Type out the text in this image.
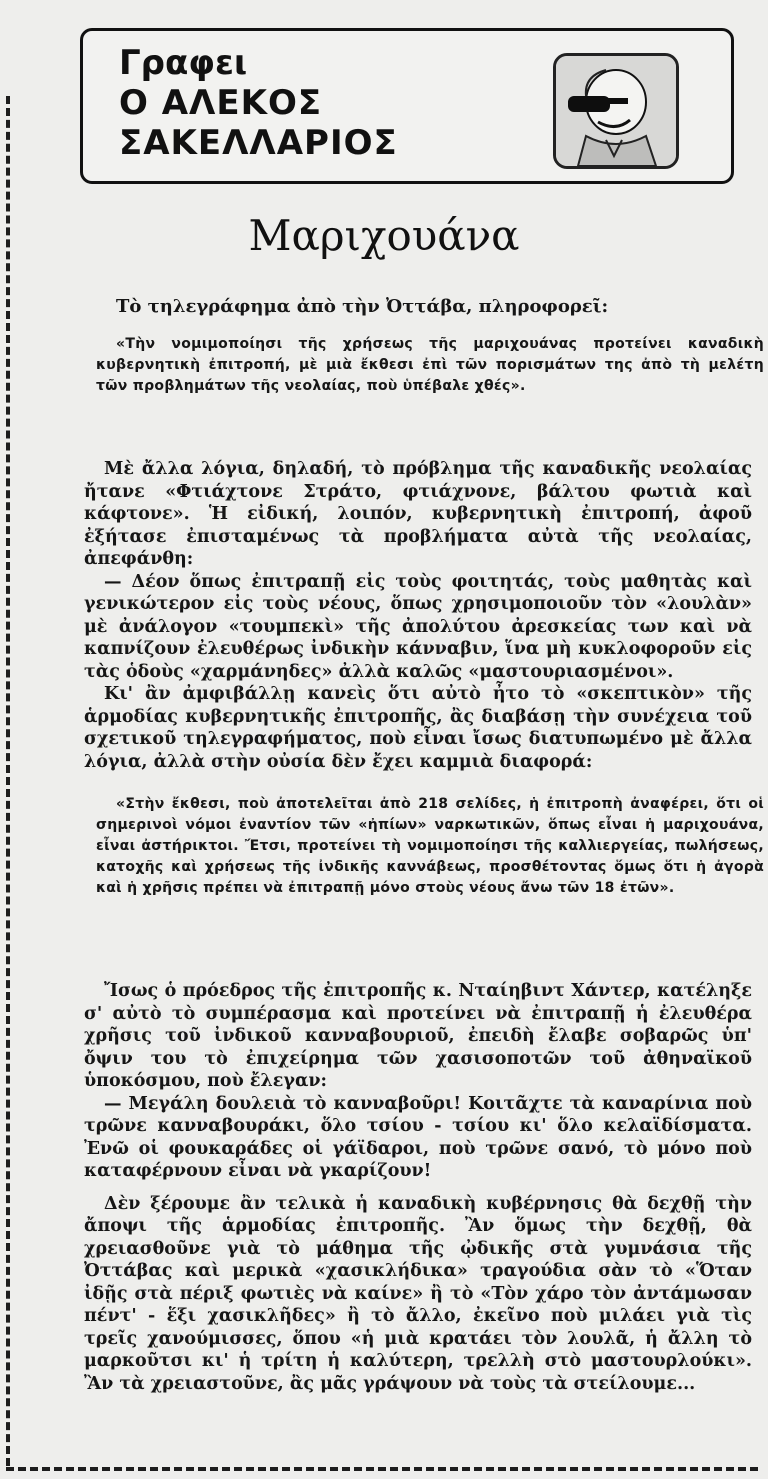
Γραφει
Ο ΑΛΕΚΟΣ
ΣΑΚΕΛΛΑΡΙΟΣ
Μαριχουάνα
Τὸ τηλεγράφημα ἀπὸ τὴν Ὀττάβα, πληροφορεῖ:

«Τὴν νομιμοποίησι τῆς χρήσεως τῆς μαριχουάνας προτείνει καναδικὴ κυβερνητικὴ ἐπιτροπή, μὲ μιὰ ἔκθεσι ἐπὶ τῶν πορισμάτων της ἀπὸ τὴ μελέτη τῶν προβλημάτων τῆς νεολαίας, ποὺ ὑπέβαλε χθές».

Μὲ ἄλλα λόγια, δηλαδή, τὸ πρόβλημα τῆς καναδικῆς νεολαίας ἤτανε «Φτιάχτονε Στράτο, φτιάχνονε, βάλτου φωτιὰ καὶ κάφτονε». Ἡ εἰδική, λοιπόν, κυβερνητικὴ ἐπιτροπή, ἀφοῦ ἐξήτασε ἐπισταμένως τὰ προβλήματα αὐτὰ τῆς νεολαίας, ἀπεφάνθη:

— Δέον ὅπως ἐπιτραπῇ εἰς τοὺς φοιτητάς, τοὺς μαθητὰς καὶ γενικώτερον εἰς τοὺς νέους, ὅπως χρησιμοποιοῦν τὸν «λουλὰν» μὲ ἀνάλογον «τουμπεκὶ» τῆς ἀπολύτου ἀρεσκείας των καὶ νὰ καπνίζουν ἐλευθέρως ἰνδικὴν κάνναβιν, ἵνα μὴ κυκλοφοροῦν εἰς τὰς ὁδοὺς «χαρμάνηδες» ἀλλὰ καλῶς «μαστουριασμένοι».

Κι' ἂν ἀμφιβάλλῃ κανεὶς ὅτι αὐτὸ ἦτο τὸ «σκεπτικὸν» τῆς ἁρμοδίας κυβερνητικῆς ἐπιτροπῆς, ἂς διαβάσῃ τὴν συνέχεια τοῦ σχετικοῦ τηλεγραφήματος, ποὺ εἶναι ἴσως διατυπωμένο μὲ ἄλλα λόγια, ἀλλὰ στὴν οὐσία δὲν ἔχει καμμιὰ διαφορά:

«Στὴν ἔκθεσι, ποὺ ἀποτελεῖται ἀπὸ 218 σελίδες, ἡ ἐπιτροπὴ ἀναφέρει, ὅτι οἱ σημερινοὶ νόμοι ἐναντίον τῶν «ἠπίων» ναρκωτικῶν, ὅπως εἶναι ἡ μαριχουάνα, εἶναι ἀστήρικτοι. Ἔτσι, προτείνει τὴ νομιμοποίησι τῆς καλλιεργείας, πωλήσεως, κατοχῆς καὶ χρήσεως τῆς ἰνδικῆς καννάβεως, προσθέτοντας ὅμως ὅτι ἡ ἀγορὰ καὶ ἡ χρῆσις πρέπει νὰ ἐπιτραπῇ μόνο στοὺς νέους ἄνω τῶν 18 ἐτῶν».

Ἴσως ὁ πρόεδρος τῆς ἐπιτροπῆς κ. Νταίηβιντ Χάντερ, κατέληξε σ' αὐτὸ τὸ συμπέρασμα καὶ προτείνει νὰ ἐπιτραπῇ ἡ ἐλευθέρα χρῆσις τοῦ ἰνδικοῦ κανναβουριοῦ, ἐπειδὴ ἔλαβε σοβαρῶς ὑπ' ὄψιν του τὸ ἐπιχείρημα τῶν χασισοποτῶν τοῦ ἀθηναϊκοῦ ὑποκόσμου, ποὺ ἔλεγαν:

— Μεγάλη δουλειὰ τὸ κανναβοῦρι! Κοιτᾶχτε τὰ καναρίνια ποὺ τρῶνε κανναβουράκι, ὅλο τσίου - τσίου κι' ὅλο κελαϊδίσματα. Ἐνῶ οἱ φουκαράδες οἱ γάϊδαροι, ποὺ τρῶνε σανό, τὸ μόνο ποὺ καταφέρνουν εἶναι νὰ γκαρίζουν!

Δὲν ξέρουμε ἂν τελικὰ ἡ καναδικὴ κυβέρνησις θὰ δεχθῇ τὴν ἄποψι τῆς ἁρμοδίας ἐπιτροπῆς. Ἂν ὅμως τὴν δεχθῇ, θὰ χρειασθοῦνε γιὰ τὸ μάθημα τῆς ᾠδικῆς στὰ γυμνάσια τῆς Ὀττάβας καὶ μερικὰ «χασικλήδικα» τραγούδια σὰν τὸ «Ὅταν ἰδῇς στὰ πέριξ φωτιὲς νὰ καίνε» ἢ τὸ «Τὸν χάρο τὸν ἀντάμωσαν πέντ' - ἕξι χασικλῆδες» ἢ τὸ ἄλλο, ἐκεῖνο ποὺ μιλάει γιὰ τὶς τρεῖς χανούμισσες, ὅπου «ἡ μιὰ κρατάει τὸν λουλᾶ, ἡ ἄλλη τὸ μαρκοῦτσι κι' ἡ τρίτη ἡ καλύτερη, τρελλὴ στὸ μαστουρλούκι». Ἂν τὰ χρειαστοῦνε, ἂς μᾶς γράψουν νὰ τοὺς τὰ στείλουμε...
